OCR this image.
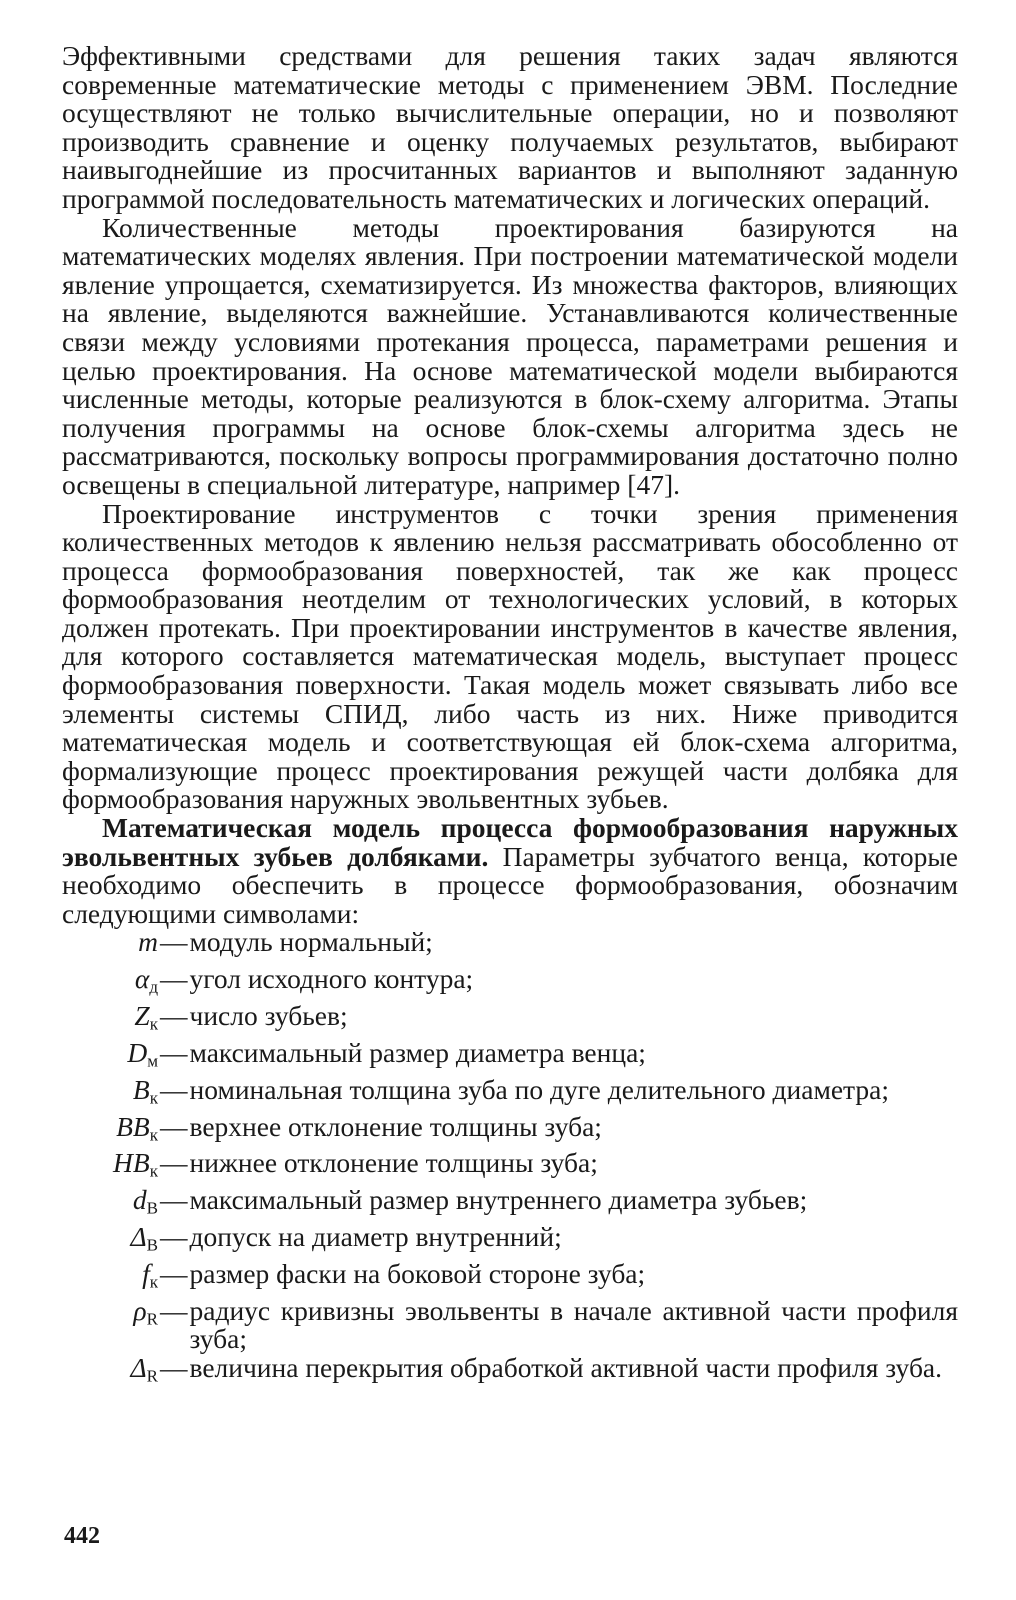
Эффективными средствами для решения таких задач являются современные математические методы с применением ЭВМ. Последние осуществляют не только вычислительные операции, но и позволяют производить сравнение и оценку получаемых результатов, выбирают наивыгоднейшие из просчитанных вариантов и выполняют заданную программой последовательность математических и логических операций.

Количественные методы проектирования базируются на математических моделях явления. При построении математической модели явление упрощается, схематизируется. Из множества факторов, влияющих на явление, выделяются важнейшие. Устанавливаются количественные связи между условиями протекания процесса, параметрами решения и целью проектирования. На основе математической модели выбираются численные методы, которые реализуются в блок-схему алгоритма. Этапы получения программы на основе блок-схемы алгоритма здесь не рассматриваются, поскольку вопросы программирования достаточно полно освещены в специальной литературе, например [47].

Проектирование инструментов с точки зрения применения количественных методов к явлению нельзя рассматривать обособленно от процесса формообразования поверхностей, так же как процесс формообразования неотделим от технологических условий, в которых должен протекать. При проектировании инструментов в качестве явления, для которого составляется математическая модель, выступает процесс формообразования поверхности. Такая модель может связывать либо все элементы системы СПИД, либо часть из них. Ниже приводится математическая модель и соответствующая ей блок-схема алгоритма, формализующие процесс проектирования режущей части долбяка для формообразования наружных эвольвентных зубьев.

Математическая модель процесса формообразования наружных эвольвентных зубьев долбяками. Параметры зубчатого венца, которые необходимо обеспечить в процессе формообразования, обозначим следующими символами:

m — модуль нормальный;
$\alpha_д$ — угол исходного контура;
$Z_к$ — число зубьев;
$D_м$ — максимальный размер диаметра венца;
$B_к$ — номинальная толщина зуба по дуге делительного диаметра;
$BB_к$ — верхнее отклонение толщины зуба;
$HB_к$ — нижнее отклонение толщины зуба;
$d_B$ — максимальный размер внутреннего диаметра зубьев;
$\Delta_B$ — допуск на диаметр внутренний;
$f_к$ — размер фаски на боковой стороне зуба;
$\rho_R$ — радиус кривизны эвольвенты в начале активной части профиля зуба;
$\Delta_R$ — величина перекрытия обработкой активной части профиля зуба.
442
